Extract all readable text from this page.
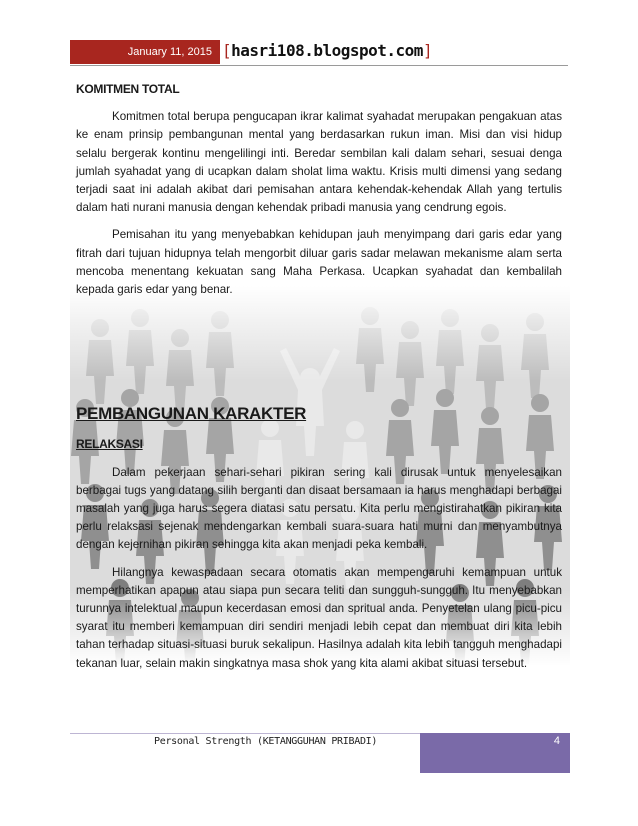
January 11, 2015 [hasri108.blogspot.com]

KOMITMEN TOTAL

Komitmen total berupa pengucapan ikrar kalimat syahadat merupakan pengakuan atas ke enam prinsip pembangunan mental yang berdasarkan rukun iman. Misi dan visi hidup selalu bergerak kontinu mengelilingi inti. Beredar sembilan kali dalam sehari, sesuai denga jumlah syahadat yang di ucapkan dalam sholat lima waktu. Krisis multi dimensi yang sedang terjadi saat ini adalah akibat dari pemisahan antara kehendak-kehendak Allah yang tertulis dalam hati nurani manusia dengan kehendak pribadi manusia yang cendrung egois.

Pemisahan itu yang menyebabkan kehidupan jauh menyimpang dari garis edar yang fitrah dari tujuan hidupnya telah mengorbit diluar garis sadar melawan mekanisme alam serta mencoba menentang kekuatan sang Maha Perkasa. Ucapkan syahadat dan kembalilah kepada garis edar yang benar.

PEMBANGUNAN KARAKTER

RELAKSASI

Dalam pekerjaan sehari-sehari pikiran sering kali dirusak untuk menyelesaikan berbagai tugs yang datang silih berganti dan disaat bersamaan ia harus menghadapi berbagai masalah yang juga harus segera diatasi satu persatu. Kita perlu mengistirahatkan pikiran kita perlu relaksasi sejenak mendengarkan kembali suara-suara hati murni dan menyambutnya dengan kejernihan pikiran sehingga kita akan menjadi peka kembali.

Hilangnya kewaspadaan secara otomatis akan mempengaruhi kemampuan untuk memperhatikan apapun atau siapa pun secara teliti dan sungguh-sungguh. Itu menyebabkan turunnya intelektual maupun kecerdasan emosi dan spritual anda. Penyetelan ulang picu-picu syarat itu memberi kemampuan diri sendiri menjadi lebih cepat dan membuat diri kita lebih tahan terhadap situasi-situasi buruk sekalipun. Hasilnya adalah kita lebih tangguh menghadapi tekanan luar, selain makin singkatnya masa shok yang kita alami akibat situasi tersebut.

Personal Strength (KETANGGUHAN PRIBADI)	4
